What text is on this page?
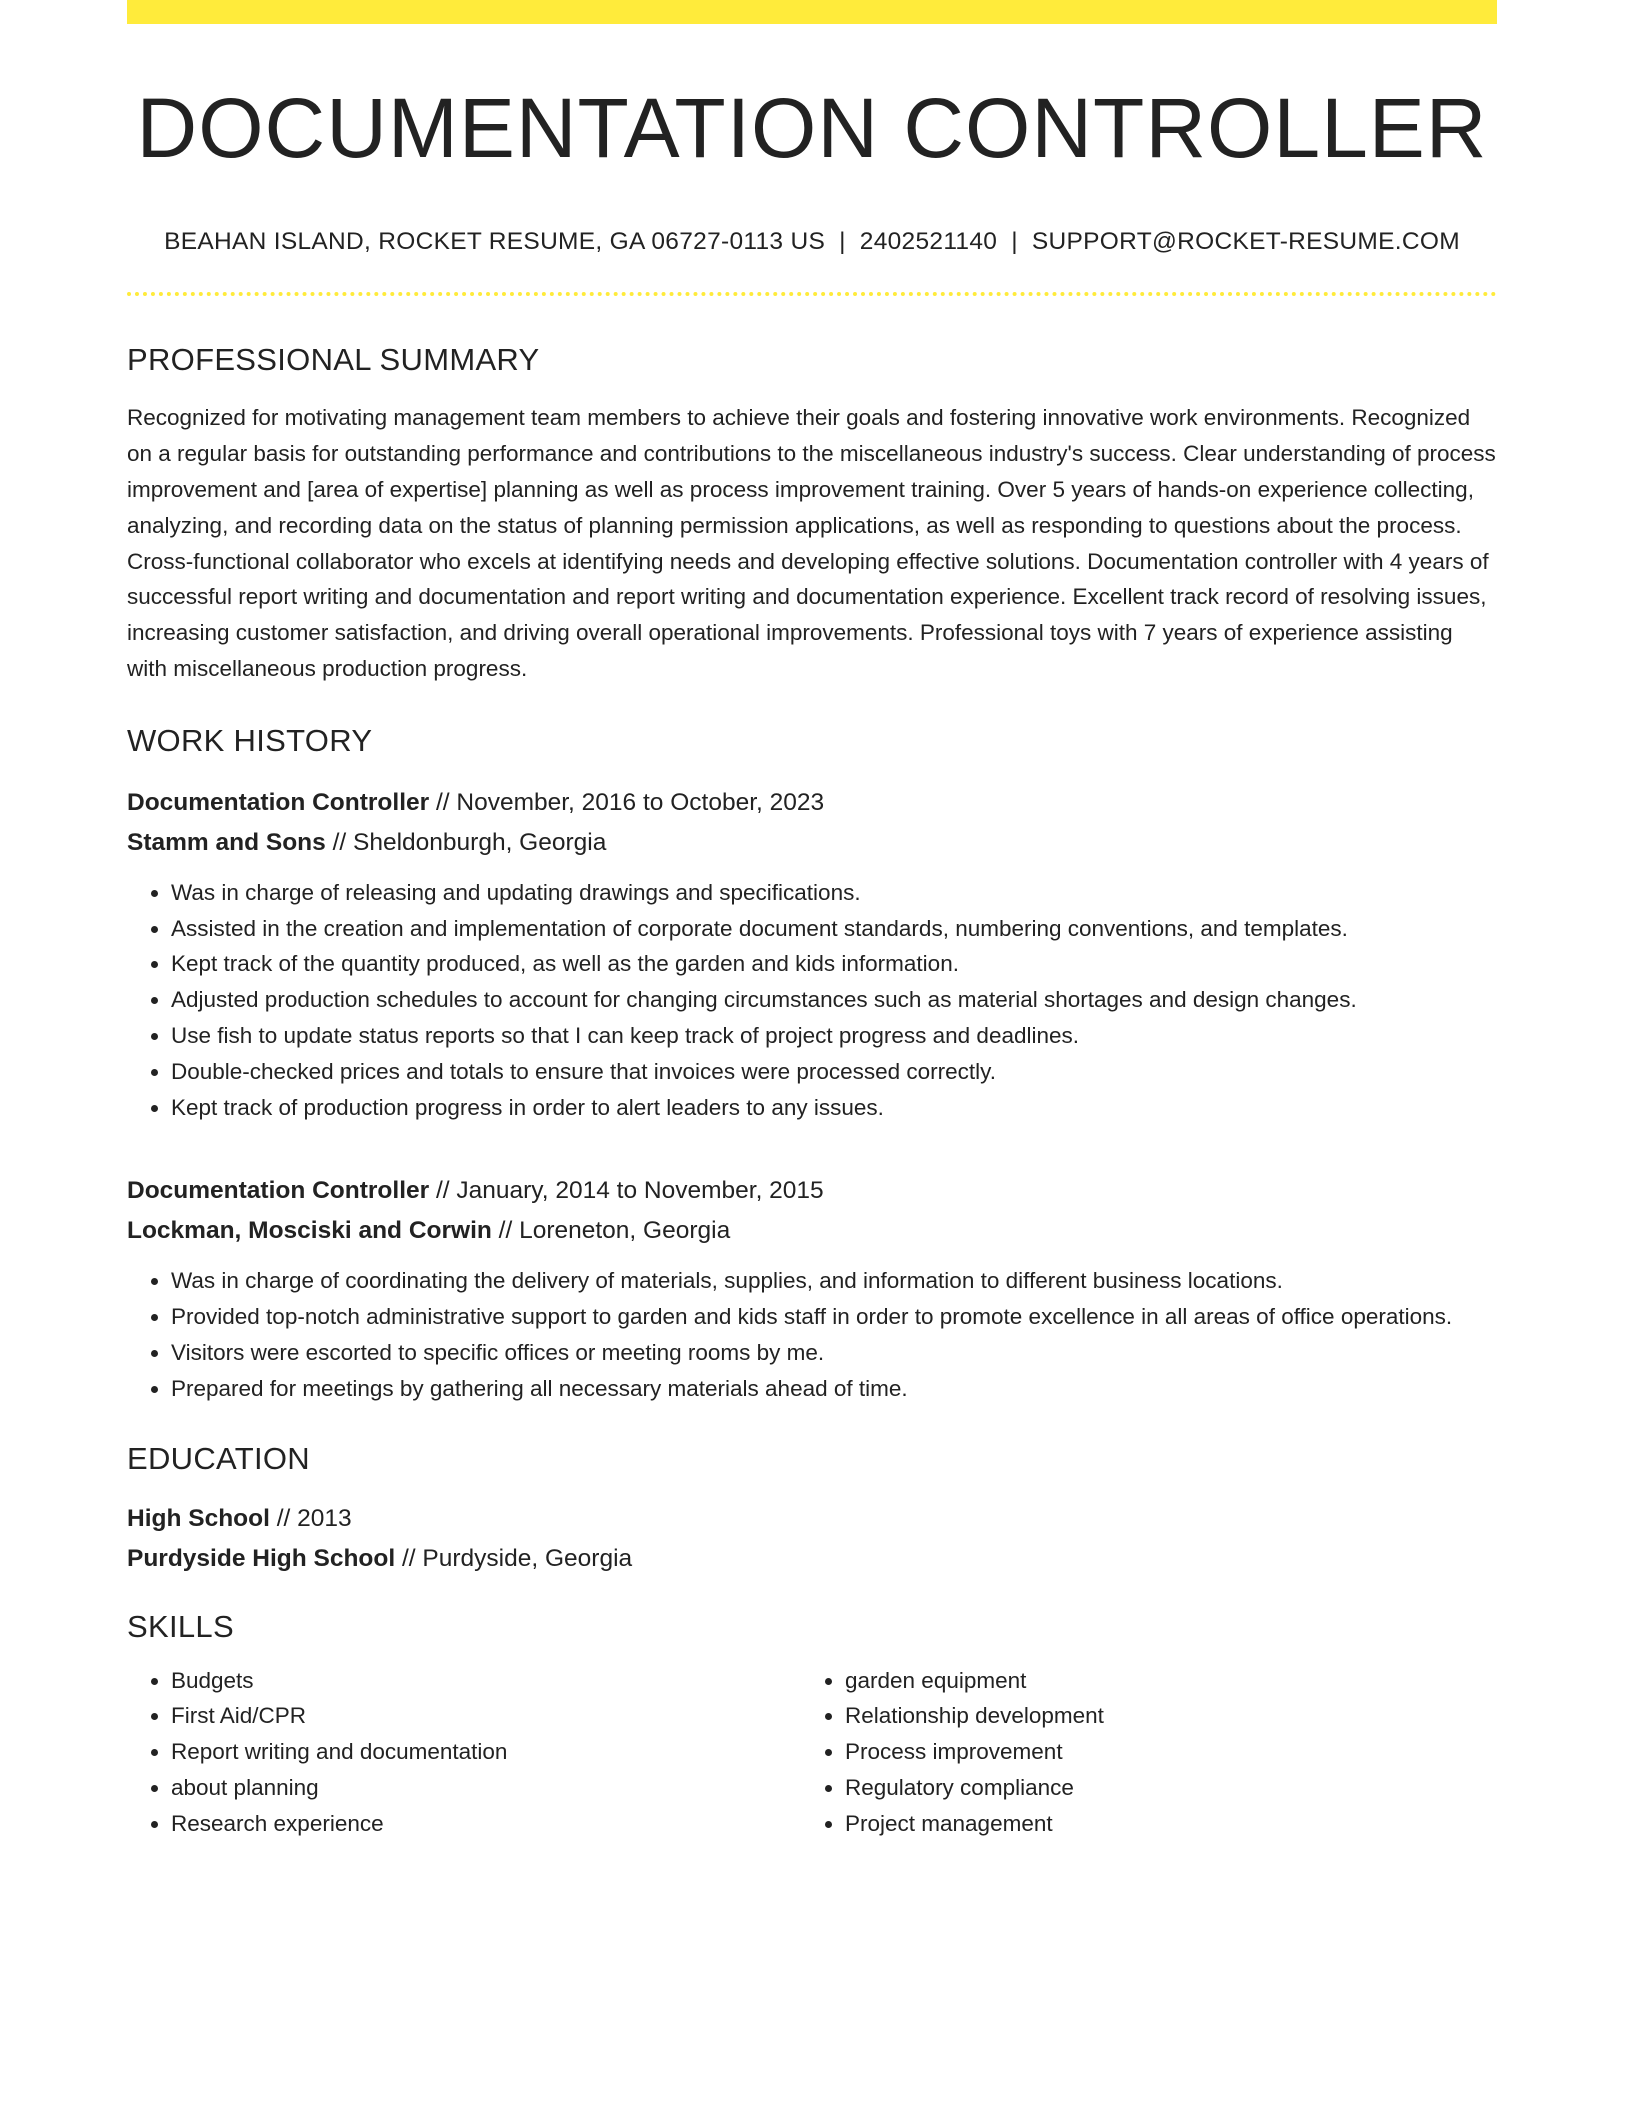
DOCUMENTATION CONTROLLER
BEAHAN ISLAND, ROCKET RESUME, GA 06727-0113 US | 2402521140 | SUPPORT@ROCKET-RESUME.COM
PROFESSIONAL SUMMARY
Recognized for motivating management team members to achieve their goals and fostering innovative work environments. Recognized on a regular basis for outstanding performance and contributions to the miscellaneous industry's success. Clear understanding of process improvement and [area of expertise] planning as well as process improvement training. Over 5 years of hands-on experience collecting, analyzing, and recording data on the status of planning permission applications, as well as responding to questions about the process. Cross-functional collaborator who excels at identifying needs and developing effective solutions. Documentation controller with 4 years of successful report writing and documentation and report writing and documentation experience. Excellent track record of resolving issues, increasing customer satisfaction, and driving overall operational improvements. Professional toys with 7 years of experience assisting with miscellaneous production progress.
WORK HISTORY
Documentation Controller // November, 2016 to October, 2023
Stamm and Sons // Sheldonburgh, Georgia
• Was in charge of releasing and updating drawings and specifications.
• Assisted in the creation and implementation of corporate document standards, numbering conventions, and templates.
• Kept track of the quantity produced, as well as the garden and kids information.
• Adjusted production schedules to account for changing circumstances such as material shortages and design changes.
• Use fish to update status reports so that I can keep track of project progress and deadlines.
• Double-checked prices and totals to ensure that invoices were processed correctly.
• Kept track of production progress in order to alert leaders to any issues.
Documentation Controller // January, 2014 to November, 2015
Lockman, Mosciski and Corwin // Loreneton, Georgia
• Was in charge of coordinating the delivery of materials, supplies, and information to different business locations.
• Provided top-notch administrative support to garden and kids staff in order to promote excellence in all areas of office operations.
• Visitors were escorted to specific offices or meeting rooms by me.
• Prepared for meetings by gathering all necessary materials ahead of time.
EDUCATION
High School // 2013
Purdyside High School // Purdyside, Georgia
SKILLS
• Budgets
• First Aid/CPR
• Report writing and documentation
• about planning
• Research experience
• garden equipment
• Relationship development
• Process improvement
• Regulatory compliance
• Project management
